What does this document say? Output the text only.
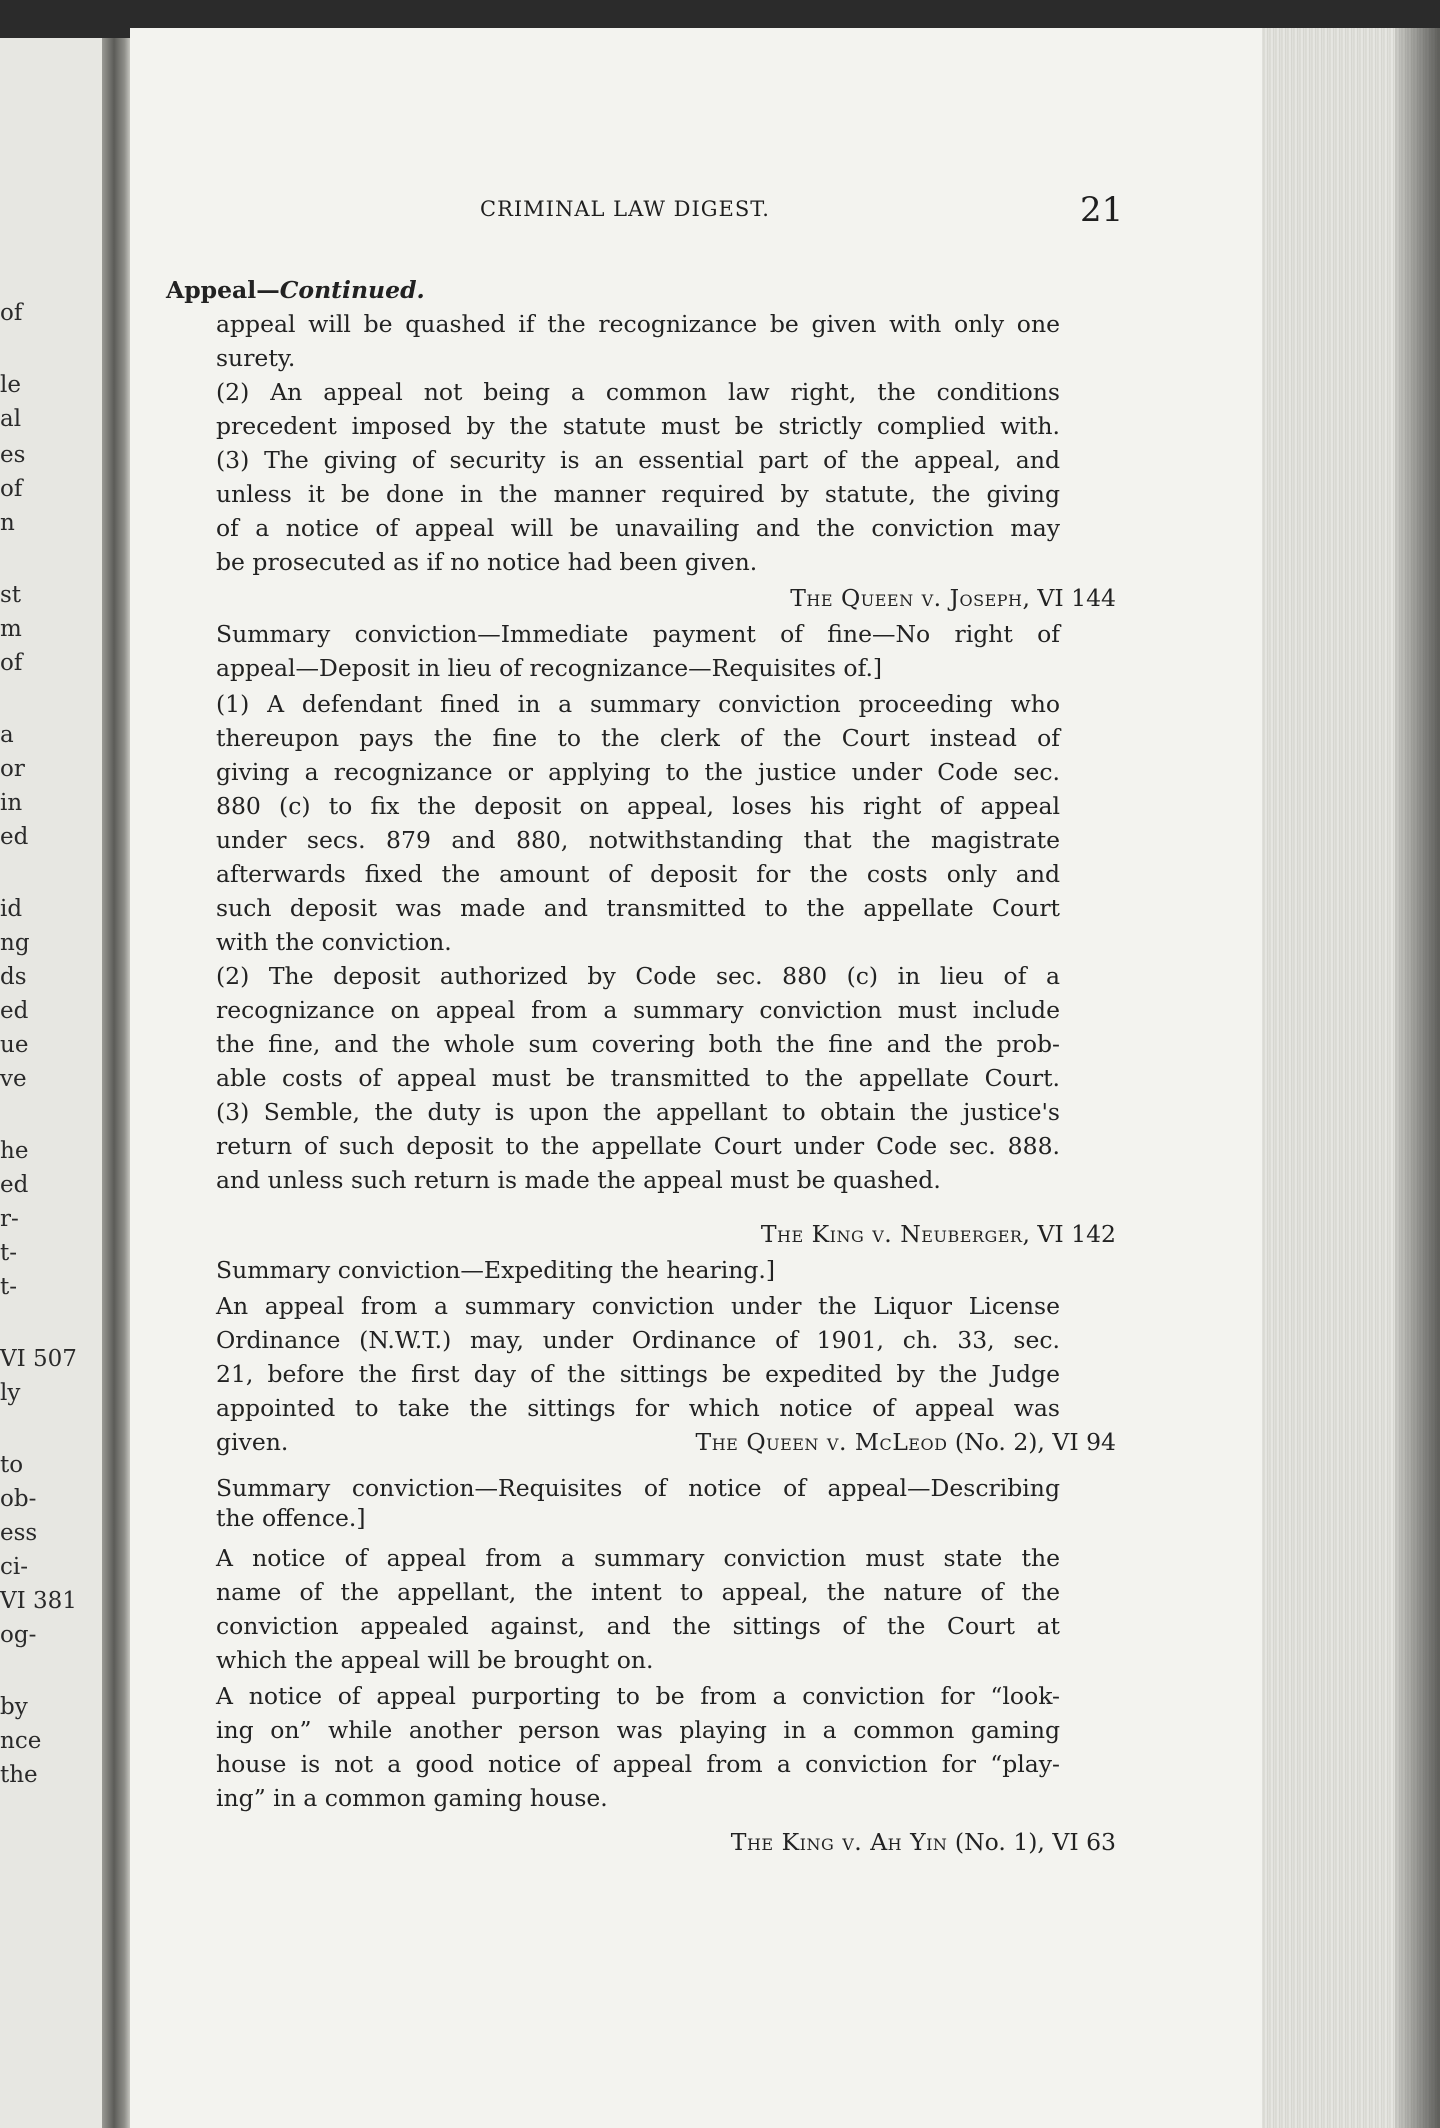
of
le
al
es
of
n
st
m
of
a
or
in
ed
id
ng
ds
ed
ue
ve
he
ed
r-
t-
t-
VI 507
ly
to
ob-
ess
ci-
VI 381
og-
by
nce
the
CRIMINAL LAW DIGEST.	21
Appeal—Continued.
appeal will be quashed if the recognizance be given with only one
surety.
(2) An appeal not being a common law right, the conditions
precedent imposed by the statute must be strictly complied with.
(3) The giving of security is an essential part of the appeal, and
unless it be done in the manner required by statute, the giving
of a notice of appeal will be unavailing and the conviction may
be prosecuted as if no notice had been given.
The Queen v. Joseph, VI 144
Summary conviction—Immediate payment of fine—No right of
appeal—Deposit in lieu of recognizance—Requisites of.]
(1) A defendant fined in a summary conviction proceeding who
thereupon pays the fine to the clerk of the Court instead of
giving a recognizance or applying to the justice under Code sec.
880 (c) to fix the deposit on appeal, loses his right of appeal
under secs. 879 and 880, notwithstanding that the magistrate
afterwards fixed the amount of deposit for the costs only and
such deposit was made and transmitted to the appellate Court
with the conviction.
(2) The deposit authorized by Code sec. 880 (c) in lieu of a
recognizance on appeal from a summary conviction must include
the fine, and the whole sum covering both the fine and the prob-
able costs of appeal must be transmitted to the appellate Court.
(3) Semble, the duty is upon the appellant to obtain the justice's
return of such deposit to the appellate Court under Code sec. 888.
and unless such return is made the appeal must be quashed.
The King v. Neuberger, VI 142
Summary conviction—Expediting the hearing.]
An appeal from a summary conviction under the Liquor License
Ordinance (N.W.T.) may, under Ordinance of 1901, ch. 33, sec.
21, before the first day of the sittings be expedited by the Judge
appointed to take the sittings for which notice of appeal was
given.	The Queen v. McLeod (No. 2), VI 94
Summary conviction—Requisites of notice of appeal—Describing
the offence.]
A notice of appeal from a summary conviction must state the
name of the appellant, the intent to appeal, the nature of the
conviction appealed against, and the sittings of the Court at
which the appeal will be brought on.
A notice of appeal purporting to be from a conviction for “look-
ing on” while another person was playing in a common gaming
house is not a good notice of appeal from a conviction for “play-
ing” in a common gaming house.
The King v. Ah Yin (No. 1), VI 63
